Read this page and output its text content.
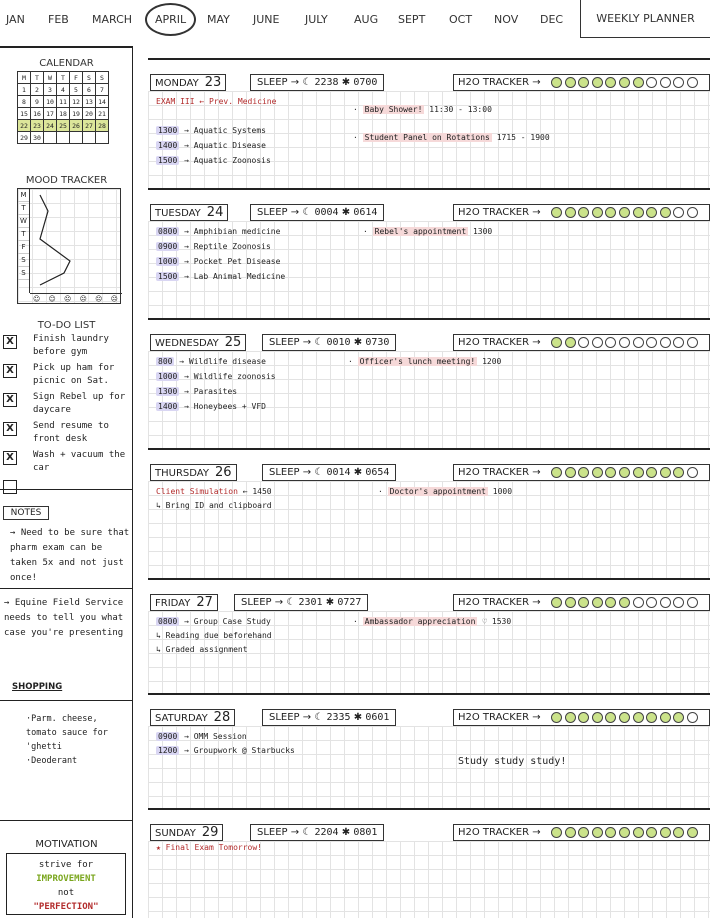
JAN FEB MARCH	APRIL	MAY JUNE JULY AUG SEPT OCT NOV DEC	WEEKLY PLANNER
CALENDAR
M	T	W	T	F	S	S
1	2	3	4	5	6	7
8	9	10	11	12	13	14
15	16	17	18	19	20	21
22	23	24	25	26	27	28
29	30					
MOOD TRACKER
M
T
W
T
F
S
S
☺ ☺ ☹ ☹ ☹ ☹
TO-DO LIST
X	Finish laundry before gym
X	Pick up ham for picnic on Sat.
X	Sign Rebel up for daycare
X	Send resume to front desk
X	Wash + vacuum the car
NOTES
→ Need to be sure that pharm exam can be taken 5x and not just once!
→ Equine Field Service needs to tell you what case you're presenting
SHOPPING
·Parm. cheese, tomato sauce for 'ghetti
·Deoderant
MOTIVATION
strive for
IMPROVEMENT
not
"PERFECTION"
MONDAY 23	SLEEP → ☾ 2238 ✱ 0700	H2O TRACKER →
EXAM III ← Prev. Medicine
1300 → Aquatic Systems
1400 → Aquatic Disease
1500 → Aquatic Zoonosis
· Baby Shower! 11:30 - 13:00
· Student Panel on Rotations 1715 - 1900
TUESDAY 24	SLEEP → ☾ 0004 ✱ 0614	H2O TRACKER →
0800 → Amphibian medicine
0900 → Reptile Zoonosis
1000 → Pocket Pet Disease
1500 → Lab Animal Medicine
· Rebel's appointment 1300
WEDNESDAY 25	SLEEP → ☾ 0010 ✱ 0730	H2O TRACKER →
800 → Wildlife disease
1000 → Wildlife zoonosis
1300 → Parasites
1400 → Honeybees + VFD
· Officer's lunch meeting! 1200
THURSDAY 26	SLEEP → ☾ 0014 ✱ 0654	H2O TRACKER →
Client Simulation ← 1450
↳ Bring ID and clipboard
· Doctor's appointment 1000
FRIDAY 27	SLEEP → ☾ 2301 ✱ 0727	H2O TRACKER →
0800 → Group Case Study
↳ Reading due beforehand
↳ Graded assignment
· Ambassador appreciation ♡ 1530
SATURDAY 28	SLEEP → ☾ 2335 ✱ 0601	H2O TRACKER →
0900 → OMM Session
1200 → Groupwork @ Starbucks
Study study study!
SUNDAY 29	SLEEP → ☾ 2204 ✱ 0801	H2O TRACKER →
★ Final Exam Tomorrow!
